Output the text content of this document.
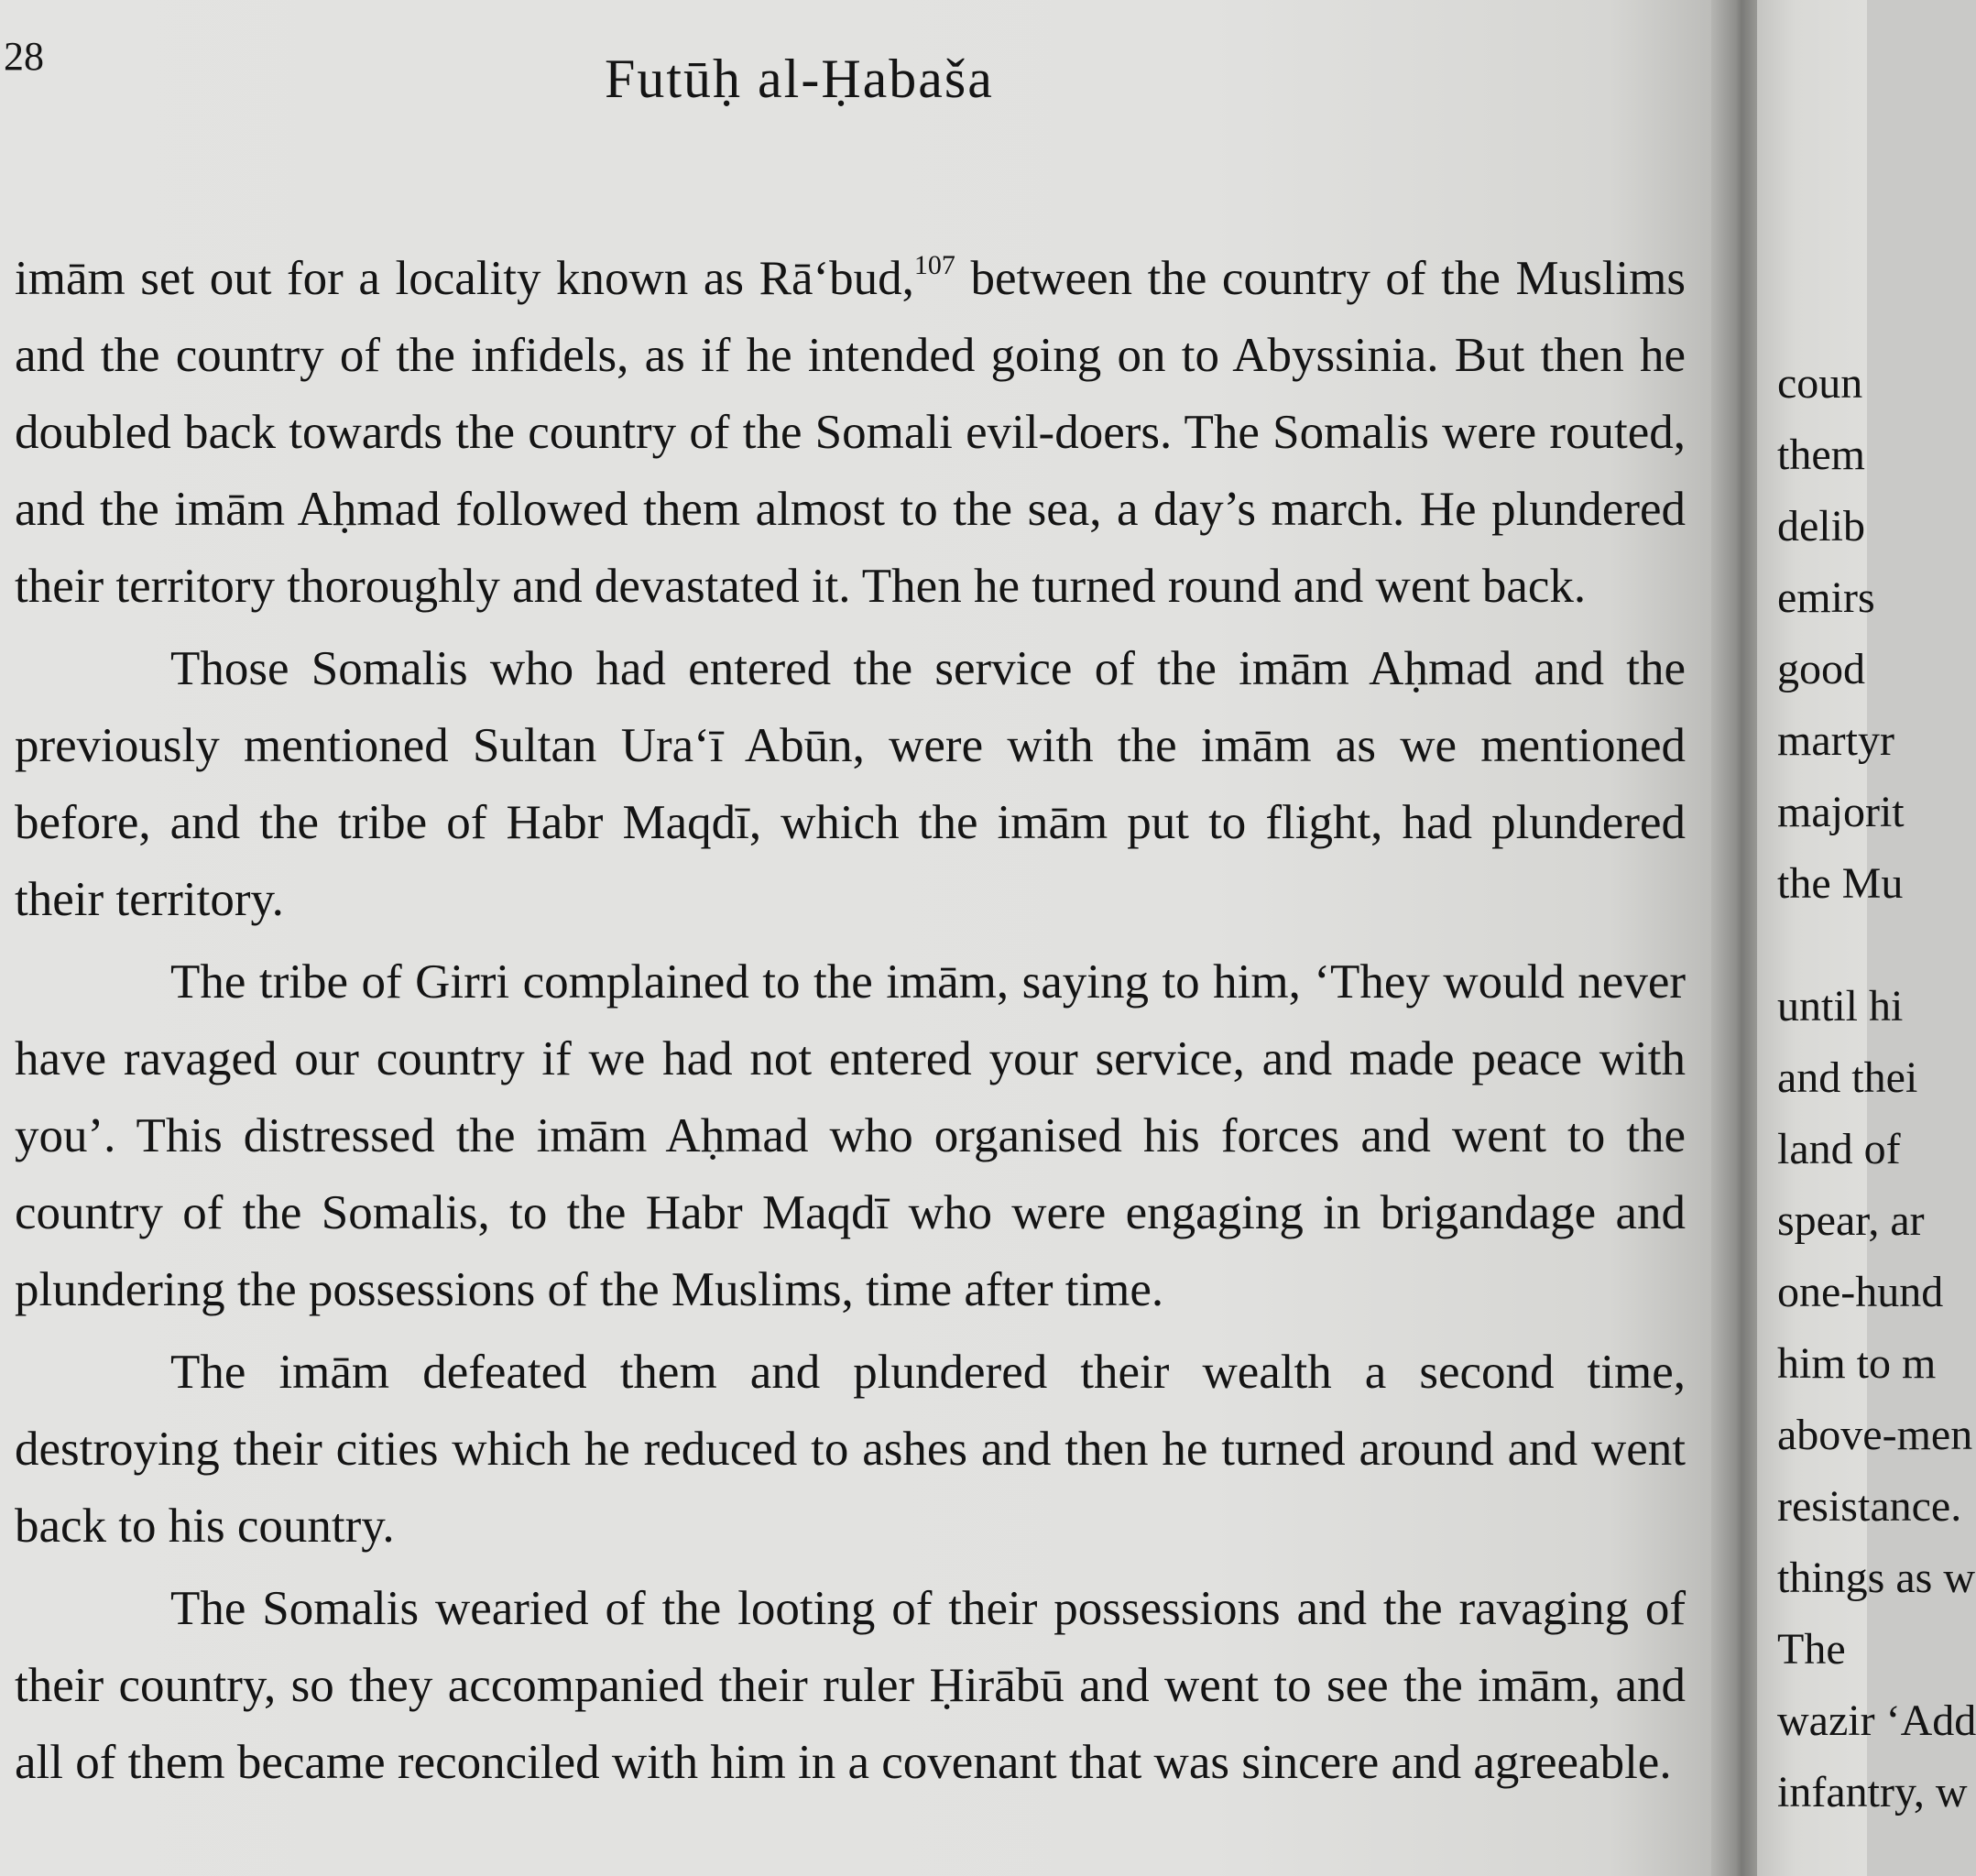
28	Futūḥ al-Ḥabaša

imām set out for a locality known as Rā‘bud,$^{107}$ between the country of the Muslims and the country of the infidels, as if he intended going on to Abyssinia. But then he doubled back towards the country of the Somali evil-doers. The Somalis were routed, and the imām Aḥmad followed them almost to the sea, a day’s march. He plundered their territory thoroughly and devastated it. Then he turned round and went back.

Those Somalis who had entered the service of the imām Aḥmad and the previously mentioned Sultan Ura‘ī Abūn, were with the imām as we mentioned before, and the tribe of Habr Maqdī, which the imām put to flight, had plundered their territory.

The tribe of Girri complained to the imām, saying to him, ‘They would never have ravaged our country if we had not entered your service, and made peace with you’. This distressed the imām Aḥmad who organised his forces and went to the country of the Somalis, to the Habr Maqdī who were engaging in brigandage and plundering the possessions of the Muslims, time after time.

The imām defeated them and plundered their wealth a second time, destroying their cities which he reduced to ashes and then he turned around and went back to his country.

The Somalis wearied of the looting of their possessions and the ravaging of their country, so they accompanied their ruler Ḥirābū and went to see the imām, and all of them became reconciled with him in a covenant that was sincere and agreeable.

coun
them
delib
emirs
good
martyr
majorit
the Mu
until hi
and thei
land of
spear, ar
one-hund
him to m
above-men
resistance.
things as w
The
wazir ‘Add
infantry, w
